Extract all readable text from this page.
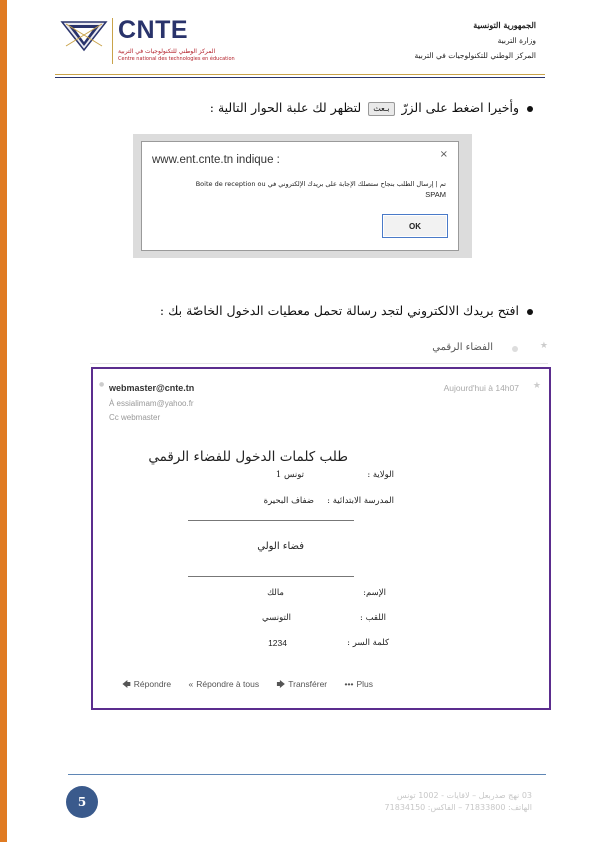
CNTE
المركز الوطني للتكنولوجيات في التربية
Centre national des technologies en éducation
الجمهورية التونسية
وزارة التربية
المركز الوطني للتكنولوجيات في التربية
وأخيرا اضغط على الزرّ بـعث لتظهر لك علبة الحوار التالية :
www.ent.cnte.tn indique :	×
تم | إرسال الطلب بنجاح ستصلك الإجابة على بريدك الإلكتروني في Boite de reception ou
SPAM
OK
افتح بريدك الالكتروني لتجد رسالة تحمل معطيات الدخول الخاصّة بك :
الفضاء الرقمي	★
● webmaster@cnte.tn	Aujourd'hui à 14h07 ★
À essialimam@yahoo.fr
Cc webmaster
طلب كلمات الدخول للفضاء الرقمي
الولاية :
تونس 1
المدرسة الابتدائية :
ضفاف البحيرة
فضاء الولي
الإسم:
مالك
اللقب :
التونسي
كلمة السر :
1234
🡄 Répondre « Répondre à tous 🡆 Transférer ••• Plus
5	03 نهج صدربعل – لافايات - 1002 تونس
الهاتف: 71833800 – الفاكس: 71834150
